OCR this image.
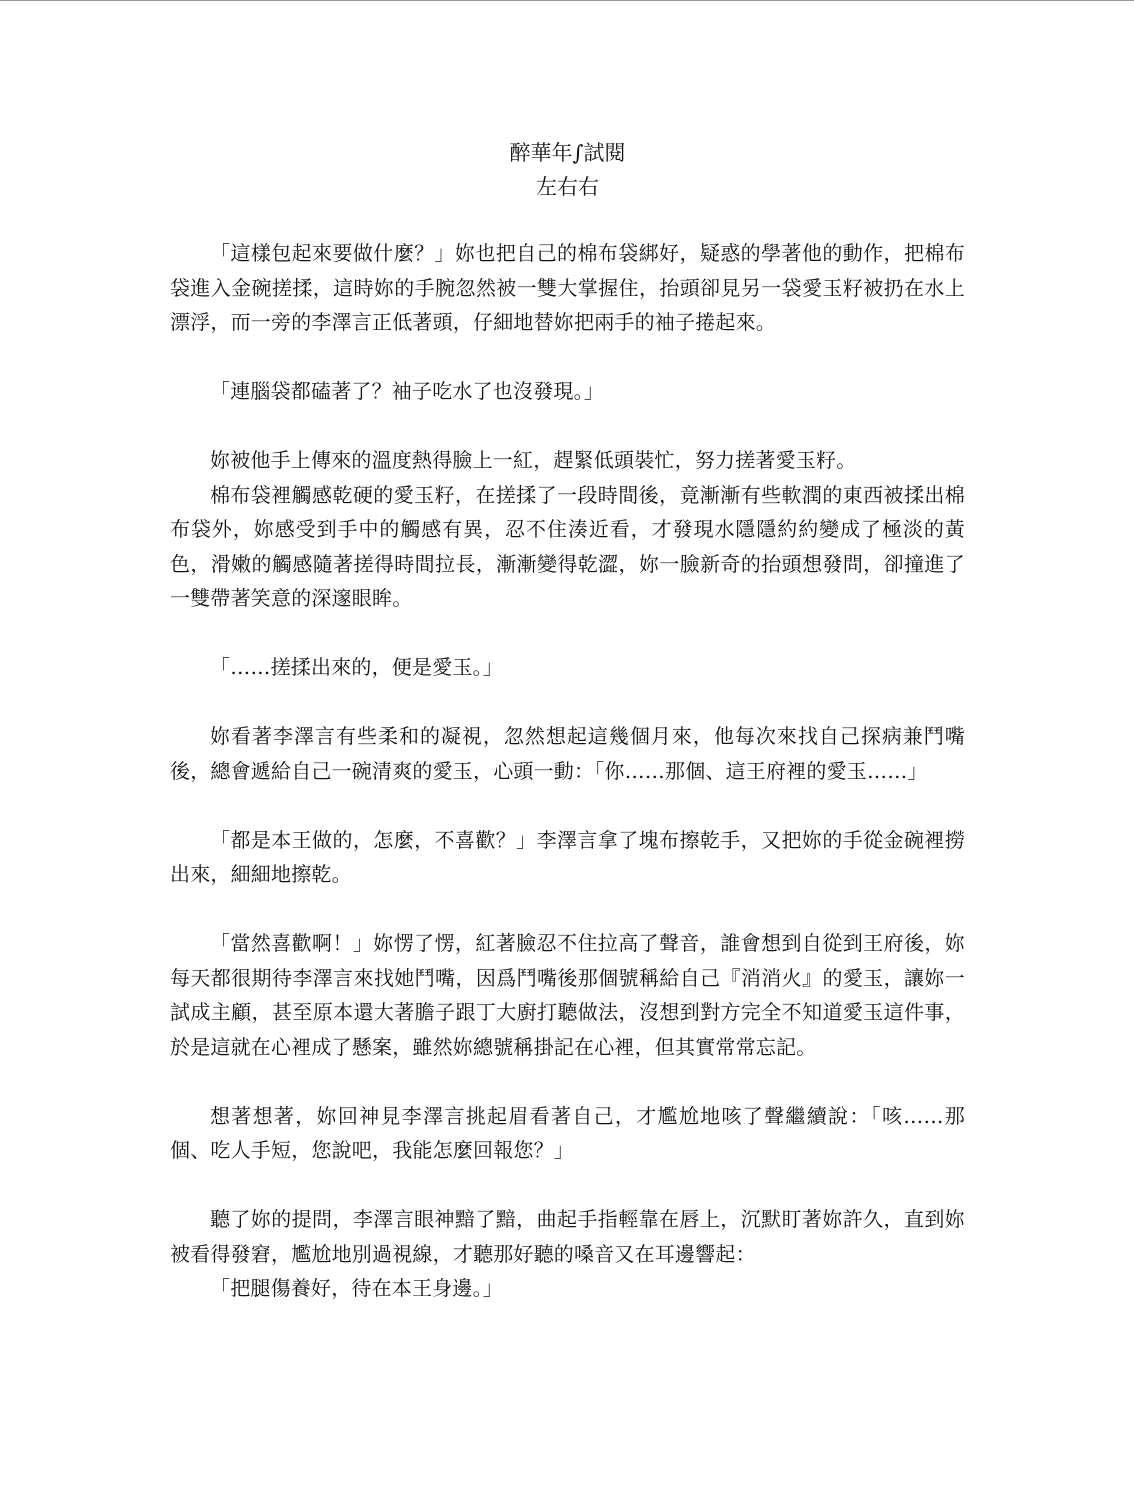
醉華年∫試閱
左右右

「這樣包起來要做什麼？」妳也把自己的棉布袋綁好，疑惑的學著他的動作，把棉布袋進入金碗搓揉，這時妳的手腕忽然被一雙大掌握住，抬頭卻見另一袋愛玉籽被扔在水上漂浮，而一旁的李澤言正低著頭，仔細地替妳把兩手的袖子捲起來。

「連腦袋都磕著了？袖子吃水了也沒發現。」

妳被他手上傳來的溫度熱得臉上一紅，趕緊低頭裝忙，努力搓著愛玉籽。

棉布袋裡觸感乾硬的愛玉籽，在搓揉了一段時間後，竟漸漸有些軟潤的東西被揉出棉布袋外，妳感受到手中的觸感有異，忍不住湊近看，才發現水隱隱約約變成了極淡的黃色，滑嫩的觸感隨著搓得時間拉長，漸漸變得乾澀，妳一臉新奇的抬頭想發問，卻撞進了一雙帶著笑意的深邃眼眸。

「……搓揉出來的，便是愛玉。」

妳看著李澤言有些柔和的凝視，忽然想起這幾個月來，他每次來找自己探病兼鬥嘴後，總會遞給自己一碗清爽的愛玉，心頭一動：「你……那個、這王府裡的愛玉……」

「都是本王做的，怎麼，不喜歡？」李澤言拿了塊布擦乾手，又把妳的手從金碗裡撈出來，細細地擦乾。

「當然喜歡啊！」妳愣了愣，紅著臉忍不住拉高了聲音，誰會想到自從到王府後，妳每天都很期待李澤言來找她鬥嘴，因爲鬥嘴後那個號稱給自己『消消火』的愛玉，讓妳一試成主顧，甚至原本還大著膽子跟丁大廚打聽做法，沒想到對方完全不知道愛玉這件事，於是這就在心裡成了懸案，雖然妳總號稱掛記在心裡，但其實常常忘記。

想著想著，妳回神見李澤言挑起眉看著自己，才尷尬地咳了聲繼續說：「咳……那個、吃人手短，您說吧，我能怎麼回報您？」

聽了妳的提問，李澤言眼神黯了黯，曲起手指輕靠在唇上，沉默盯著妳許久，直到妳被看得發窘，尷尬地別過視線，才聽那好聽的嗓音又在耳邊響起：

「把腿傷養好，待在本王身邊。」
